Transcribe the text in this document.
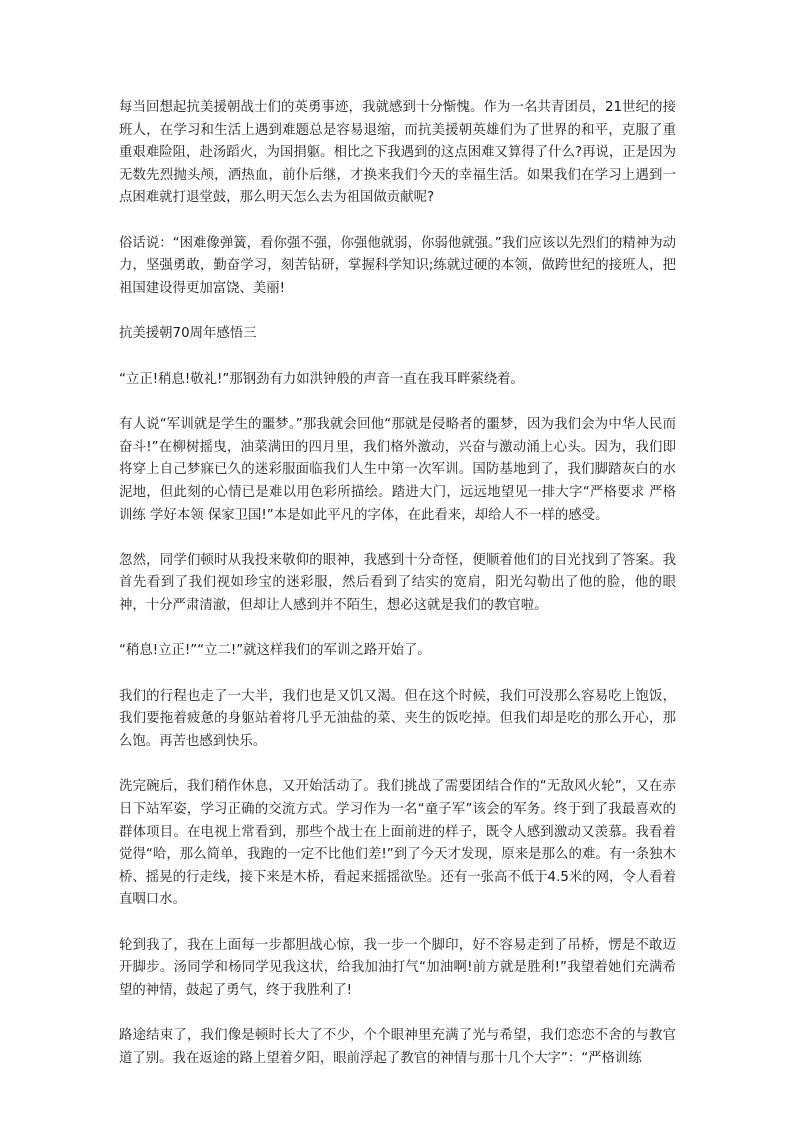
每当回想起抗美援朝战士们的英勇事迹，我就感到十分惭愧。作为一名共青团员，21世纪的接班人，在学习和生活上遇到难题总是容易退缩，而抗美援朝英雄们为了世界的和平，克服了重重艰难险阻，赴汤蹈火，为国捐躯。相比之下我遇到的这点困难又算得了什么?再说，正是因为无数先烈抛头颅，洒热血，前仆后继，才换来我们今天的幸福生活。如果我们在学习上遇到一点困难就打退堂鼓，那么明天怎么去为祖国做贡献呢?

俗话说：“困难像弹簧，看你强不强，你强他就弱，你弱他就强。”我们应该以先烈们的精神为动力，坚强勇敢，勤奋学习，刻苦钻研，掌握科学知识;练就过硬的本领，做跨世纪的接班人，把祖国建设得更加富饶、美丽!

抗美援朝70周年感悟三

“立正!稍息!敬礼!”那钢劲有力如洪钟般的声音一直在我耳畔萦绕着。

有人说“军训就是学生的噩梦。”那我就会回他“那就是侵略者的噩梦，因为我们会为中华人民而奋斗!”在柳树摇曳，油菜满田的四月里，我们格外激动，兴奋与激动涌上心头。因为，我们即将穿上自己梦寐已久的迷彩服面临我们人生中第一次军训。国防基地到了，我们脚踏灰白的水泥地，但此刻的心情已是难以用色彩所描绘。踏进大门，远远地望见一排大字“严格要求 严格训练 学好本领 保家卫国!”本是如此平凡的字体，在此看来，却给人不一样的感受。

忽然，同学们顿时从我投来敬仰的眼神，我感到十分奇怪，便顺着他们的目光找到了答案。我首先看到了我们视如珍宝的迷彩服，然后看到了结实的宽肩，阳光勾勒出了他的脸，他的眼神，十分严肃清澈，但却让人感到并不陌生，想必这就是我们的教官啦。

“稍息!立正!”“立二!”就这样我们的军训之路开始了。

我们的行程也走了一大半，我们也是又饥又渴。但在这个时候，我们可没那么容易吃上饱饭，我们要拖着疲惫的身躯站着将几乎无油盐的菜、夹生的饭吃掉。但我们却是吃的那么开心，那么饱。再苦也感到快乐。

洗完碗后，我们稍作休息，又开始活动了。我们挑战了需要团结合作的“无敌风火轮”，又在赤日下站军姿，学习正确的交流方式。学习作为一名“童子军”该会的军务。终于到了我最喜欢的群体项目。在电视上常看到，那些个战士在上面前进的样子，既令人感到激动又羡慕。我看着觉得“哈，那么简单，我跑的一定不比他们差!”到了今天才发现，原来是那么的难。有一条独木桥、摇晃的行走线，接下来是木桥，看起来摇摇欲坠。还有一张高不低于4.5米的网，令人看着直咽口水。

轮到我了，我在上面每一步都胆战心惊，我一步一个脚印，好不容易走到了吊桥，愣是不敢迈开脚步。汤同学和杨同学见我这状，给我加油打气“加油啊!前方就是胜利!”我望着她们充满希望的神情，鼓起了勇气，终于我胜利了!

路途结束了，我们像是顿时长大了不少，个个眼神里充满了光与希望，我们恋恋不舍的与教官道了别。我在返途的路上望着夕阳，眼前浮起了教官的神情与那十几个大字”：“严格训练
